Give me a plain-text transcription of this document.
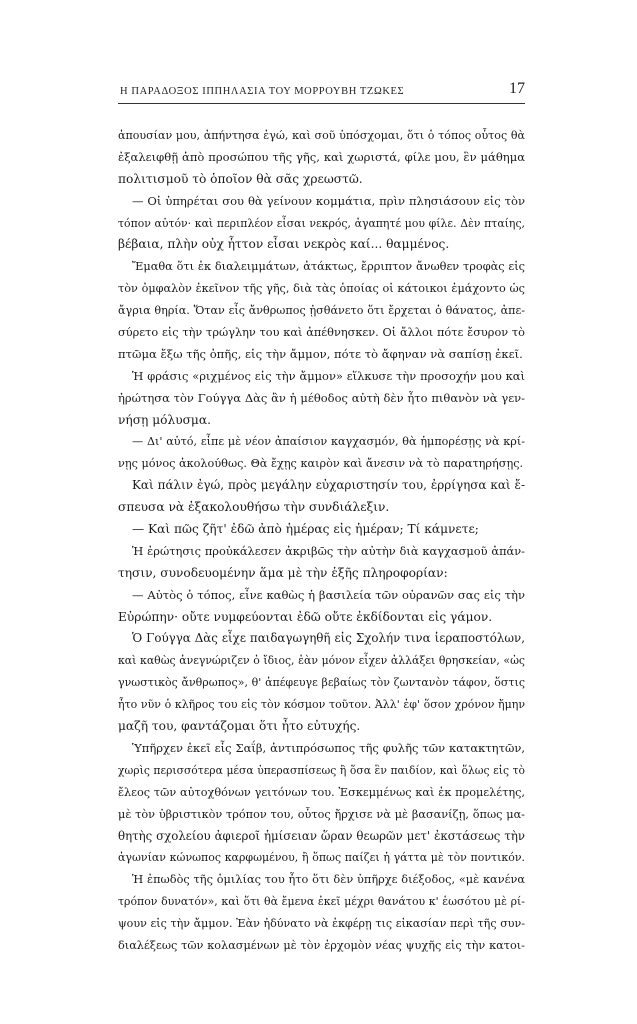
Η ΠΑΡΑΔΟΞΟΣ ΙΠΠΗΛΑΣΙΑ ΤΟΥ ΜΟΡΡΟΥΒΗ ΤΖΩΚΕΣ	17
ἀπουσίαν μου, ἀπήντησα ἐγώ, καὶ σοῦ ὑπόσχομαι, ὅτι ὁ τόπος οὗτος θὰ
ἐξαλειφθῇ ἀπὸ προσώπου τῆς γῆς, καὶ χωριστά, φίλε μου, ἓν μάθημα
πολιτισμοῦ τὸ ὁποῖον θὰ σᾶς χρεωστῶ.
— Οἱ ὑπηρέται σου θὰ γείνουν κομμάτια, πρὶν πλησιάσουν εἰς τὸν
τόπον αὐτόν· καὶ περιπλέον εἶσαι νεκρός, ἀγαπητέ μου φίλε. Δὲν πταίης,
βέβαια, πλὴν οὐχ ἧττον εἶσαι νεκρὸς καί... θαμμένος.
Ἔμαθα ὅτι ἐκ διαλειμμάτων, ἀτάκτως, ἔρριπτον ἄνωθεν τροφὰς εἰς
τὸν ὀμφαλὸν ἐκεῖνον τῆς γῆς, διὰ τὰς ὁποίας οἱ κάτοικοι ἐμάχοντο ὡς
ἄγρια θηρία. Ὅταν εἷς ἄνθρωπος ᾐσθάνετο ὅτι ἔρχεται ὁ θάνατος, ἀπε-
σύρετο εἰς τὴν τρώγλην του καὶ ἀπέθνησκεν. Οἱ ἄλλοι πότε ἔσυρον τὸ
πτῶμα ἔξω τῆς ὀπῆς, εἰς τὴν ἄμμον, πότε τὸ ἄφηναν νὰ σαπίσῃ ἐκεῖ.
Ἡ φράσις «ριχμένος εἰς τὴν ἄμμον» εἵλκυσε τὴν προσοχήν μου καὶ
ἠρώτησα τὸν Γούγγα Δὰς ἂν ἡ μέθοδος αὐτὴ δὲν ἦτο πιθανὸν νὰ γεν-
νήσῃ μόλυσμα.
— Δι' αὐτό, εἶπε μὲ νέον ἀπαίσιον καγχασμόν, θὰ ἠμπορέσῃς νὰ κρί-
νῃς μόνος ἀκολούθως. Θὰ ἔχῃς καιρὸν καὶ ἄνεσιν νὰ τὸ παρατηρήσῃς.
Καὶ πάλιν ἐγώ, πρὸς μεγάλην εὐχαριστησίν του, ἐρρίγησα καὶ ἔ-
σπευσα νὰ ἐξακολουθήσω τὴν συνδιάλεξιν.
— Καὶ πῶς ζῆτ' ἐδῶ ἀπὸ ἡμέρας εἰς ἡμέραν; Τί κάμνετε;
Ἡ ἐρώτησις προὐκάλεσεν ἀκριβῶς τὴν αὐτὴν διὰ καγχασμοῦ ἀπάν-
τησιν, συνοδευομένην ἅμα μὲ τὴν ἑξῆς πληροφορίαν:
— Αὐτὸς ὁ τόπος, εἶνε καθὼς ἡ βασιλεία τῶν οὐρανῶν σας εἰς τὴν
Εὐρώπην· οὔτε νυμφεύονται ἐδῶ οὔτε ἐκδίδονται εἰς γάμον.
Ὁ Γούγγα Δὰς εἶχε παιδαγωγηθῆ εἰς Σχολήν τινα ἱεραποστόλων,
καὶ καθὼς ἀνεγνώριζεν ὁ ἴδιος, ἐὰν μόνον εἶχεν ἀλλάξει θρησκείαν, «ὡς
γνωστικὸς ἄνθρωπος», θ' ἀπέφευγε βεβαίως τὸν ζωντανὸν τάφον, ὅστις
ἦτο νῦν ὁ κλῆρος του εἰς τὸν κόσμον τοῦτον. Ἀλλ' ἐφ' ὅσον χρόνον ἤμην
μαζῆ του, φαντάζομαι ὅτι ἦτο εὐτυχής.
Ὑπῆρχεν ἐκεῖ εἷς Σαΐβ, ἀντιπρόσωπος τῆς φυλῆς τῶν κατακτητῶν,
χωρὶς περισσότερα μέσα ὑπερασπίσεως ἢ ὅσα ἓν παιδίον, καὶ ὅλως εἰς τὸ
ἔλεος τῶν αὐτοχθόνων γειτόνων του. Ἐσκεμμένως καὶ ἐκ προμελέτης,
μὲ τὸν ὑβριστικὸν τρόπον του, οὗτος ἤρχισε νὰ μὲ βασανίζῃ, ὅπως μα-
θητὴς σχολείου ἀφιεροῖ ἡμίσειαν ὥραν θεωρῶν μετ' ἐκστάσεως τὴν
ἀγωνίαν κώνωπος καρφωμένου, ἢ ὅπως παίζει ἡ γάττα μὲ τὸν ποντικόν.
Ἡ ἐπωδὸς τῆς ὁμιλίας του ἦτο ὅτι δὲν ὑπῆρχε διέξοδος, «μὲ κανένα
τρόπον δυνατόν», καὶ ὅτι θὰ ἔμενα ἐκεῖ μέχρι θανάτου κ' ἑωσότου μὲ ρί-
ψουν εἰς τὴν ἄμμον. Ἐὰν ἠδύνατο νὰ ἐκφέρῃ τις εἰκασίαν περὶ τῆς συν-
διαλέξεως τῶν κολασμένων μὲ τὸν ἐρχομὸν νέας ψυχῆς εἰς τὴν κατοι-
